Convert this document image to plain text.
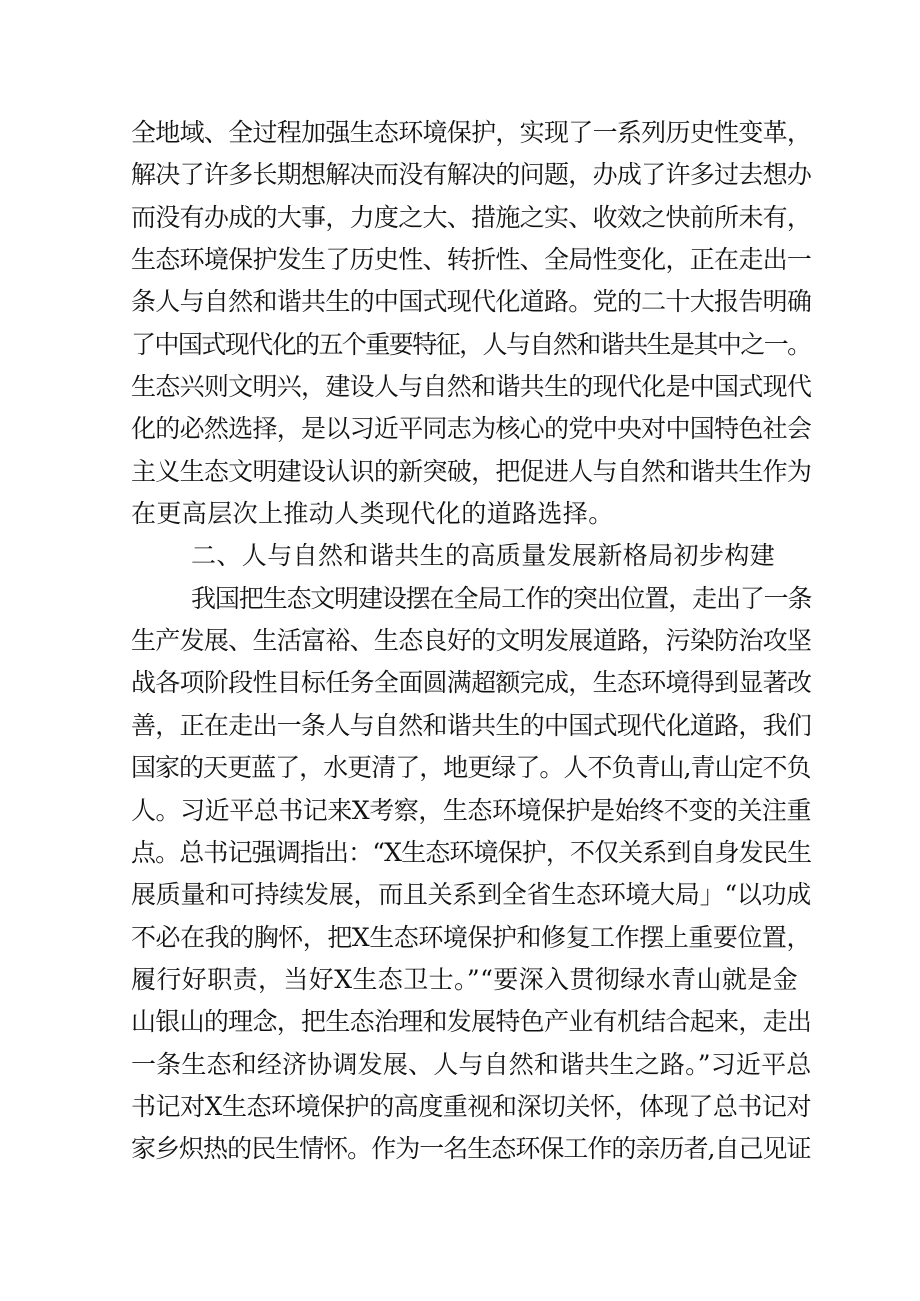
全地域、全过程加强生态环境保护，实现了一系列历史性变革，
解决了许多长期想解决而没有解决的问题，办成了许多过去想办
而没有办成的大事，力度之大、措施之实、收效之快前所未有，
生态环境保护发生了历史性、转折性、全局性变化，正在走出一
条人与自然和谐共生的中国式现代化道路。党的二十大报告明确
了中国式现代化的五个重要特征，人与自然和谐共生是其中之一。
生态兴则文明兴，建设人与自然和谐共生的现代化是中国式现代
化的必然选择，是以习近平同志为核心的党中央对中国特色社会
主义生态文明建设认识的新突破，把促进人与自然和谐共生作为
在更高层次上推动人类现代化的道路选择。
二、人与自然和谐共生的高质量发展新格局初步构建
我国把生态文明建设摆在全局工作的突出位置，走出了一条
生产发展、生活富裕、生态良好的文明发展道路，污染防治攻坚
战各项阶段性目标任务全面圆满超额完成，生态环境得到显著改
善，正在走出一条人与自然和谐共生的中国式现代化道路，我们
国家的天更蓝了，水更清了，地更绿了。人不负青山,青山定不负
人。习近平总书记来X考察，生态环境保护是始终不变的关注重
点。总书记强调指出：“X生态环境保护，不仅关系到自身发民生
展质量和可持续发展，而且关系到全省生态环境大局」“以功成
不必在我的胸怀，把X生态环境保护和修复工作摆上重要位置，
履行好职责，当好X生态卫士。”“要深入贯彻绿水青山就是金
山银山的理念，把生态治理和发展特色产业有机结合起来，走出
一条生态和经济协调发展、人与自然和谐共生之路。”习近平总
书记对X生态环境保护的高度重视和深切关怀，体现了总书记对
家乡炽热的民生情怀。作为一名生态环保工作的亲历者,自己见证
